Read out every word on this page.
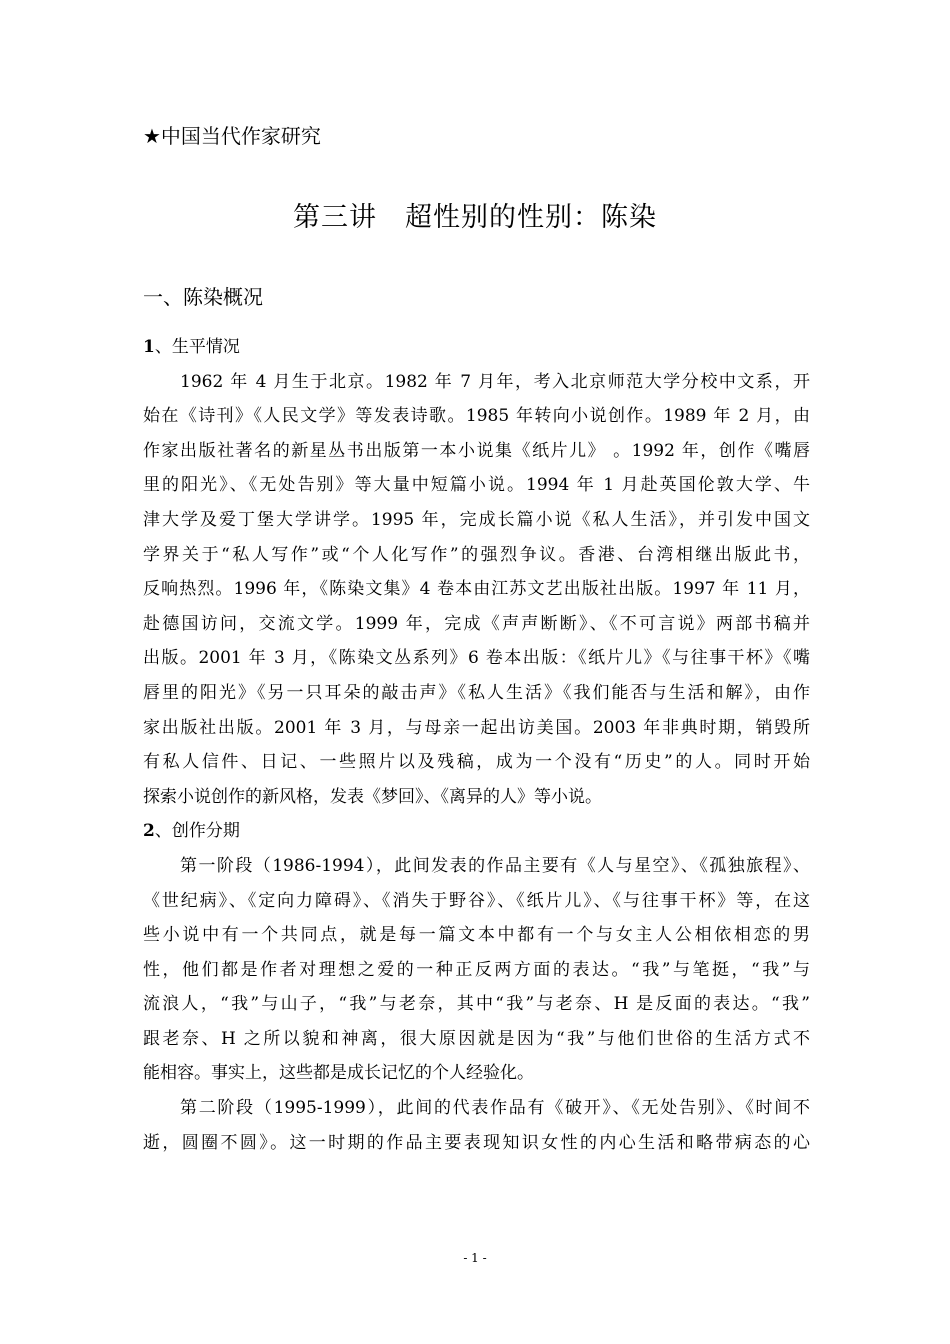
★中国当代作家研究
第三讲　超性别的性别：陈染
一、陈染概况
1、生平情况
1962 年 4 月生于北京。1982 年 7 月年，考入北京师范大学分校中文系，开
始在《诗刊》《人民文学》等发表诗歌。1985 年转向小说创作。1989 年 2 月，由
作家出版社著名的新星丛书出版第一本小说集《纸片儿》 。1992 年，创作《嘴唇
里的阳光》、《无处告别》等大量中短篇小说。1994 年 1 月赴英国伦敦大学、牛
津大学及爱丁堡大学讲学。1995 年，完成长篇小说《私人生活》，并引发中国文
学界关于“私人写作”或“个人化写作”的强烈争议。香港、台湾相继出版此书，
反响热烈。1996 年，《陈染文集》4 卷本由江苏文艺出版社出版。1997 年 11 月，
赴德国访问，交流文学。1999 年，完成《声声断断》、《不可言说》两部书稿并
出版。2001 年 3 月，《陈染文丛系列》6 卷本出版：《纸片儿》《与往事干杯》《嘴
唇里的阳光》《另一只耳朵的敲击声》《私人生活》《我们能否与生活和解》，由作
家出版社出版。2001 年 3 月，与母亲一起出访美国。2003 年非典时期，销毁所
有私人信件、日记、一些照片以及残稿，成为一个没有“历史”的人。同时开始
探索小说创作的新风格，发表《梦回》、《离异的人》等小说。
2、创作分期
第一阶段（1986-1994），此间发表的作品主要有《人与星空》、《孤独旅程》、
《世纪病》、《定向力障碍》、《消失于野谷》、《纸片儿》、《与往事干杯》等，在这
些小说中有一个共同点，就是每一篇文本中都有一个与女主人公相依相恋的男
性，他们都是作者对理想之爱的一种正反两方面的表达。“我”与笔挺，“我”与
流浪人，“我”与山子，“我”与老奈，其中“我”与老奈、H 是反面的表达。“我”
跟老奈、H 之所以貌和神离，很大原因就是因为“我”与他们世俗的生活方式不
能相容。事实上，这些都是成长记忆的个人经验化。
第二阶段（1995-1999），此间的代表作品有《破开》、《无处告别》、《时间不
逝，圆圈不圆》。这一时期的作品主要表现知识女性的内心生活和略带病态的心
- 1 -
